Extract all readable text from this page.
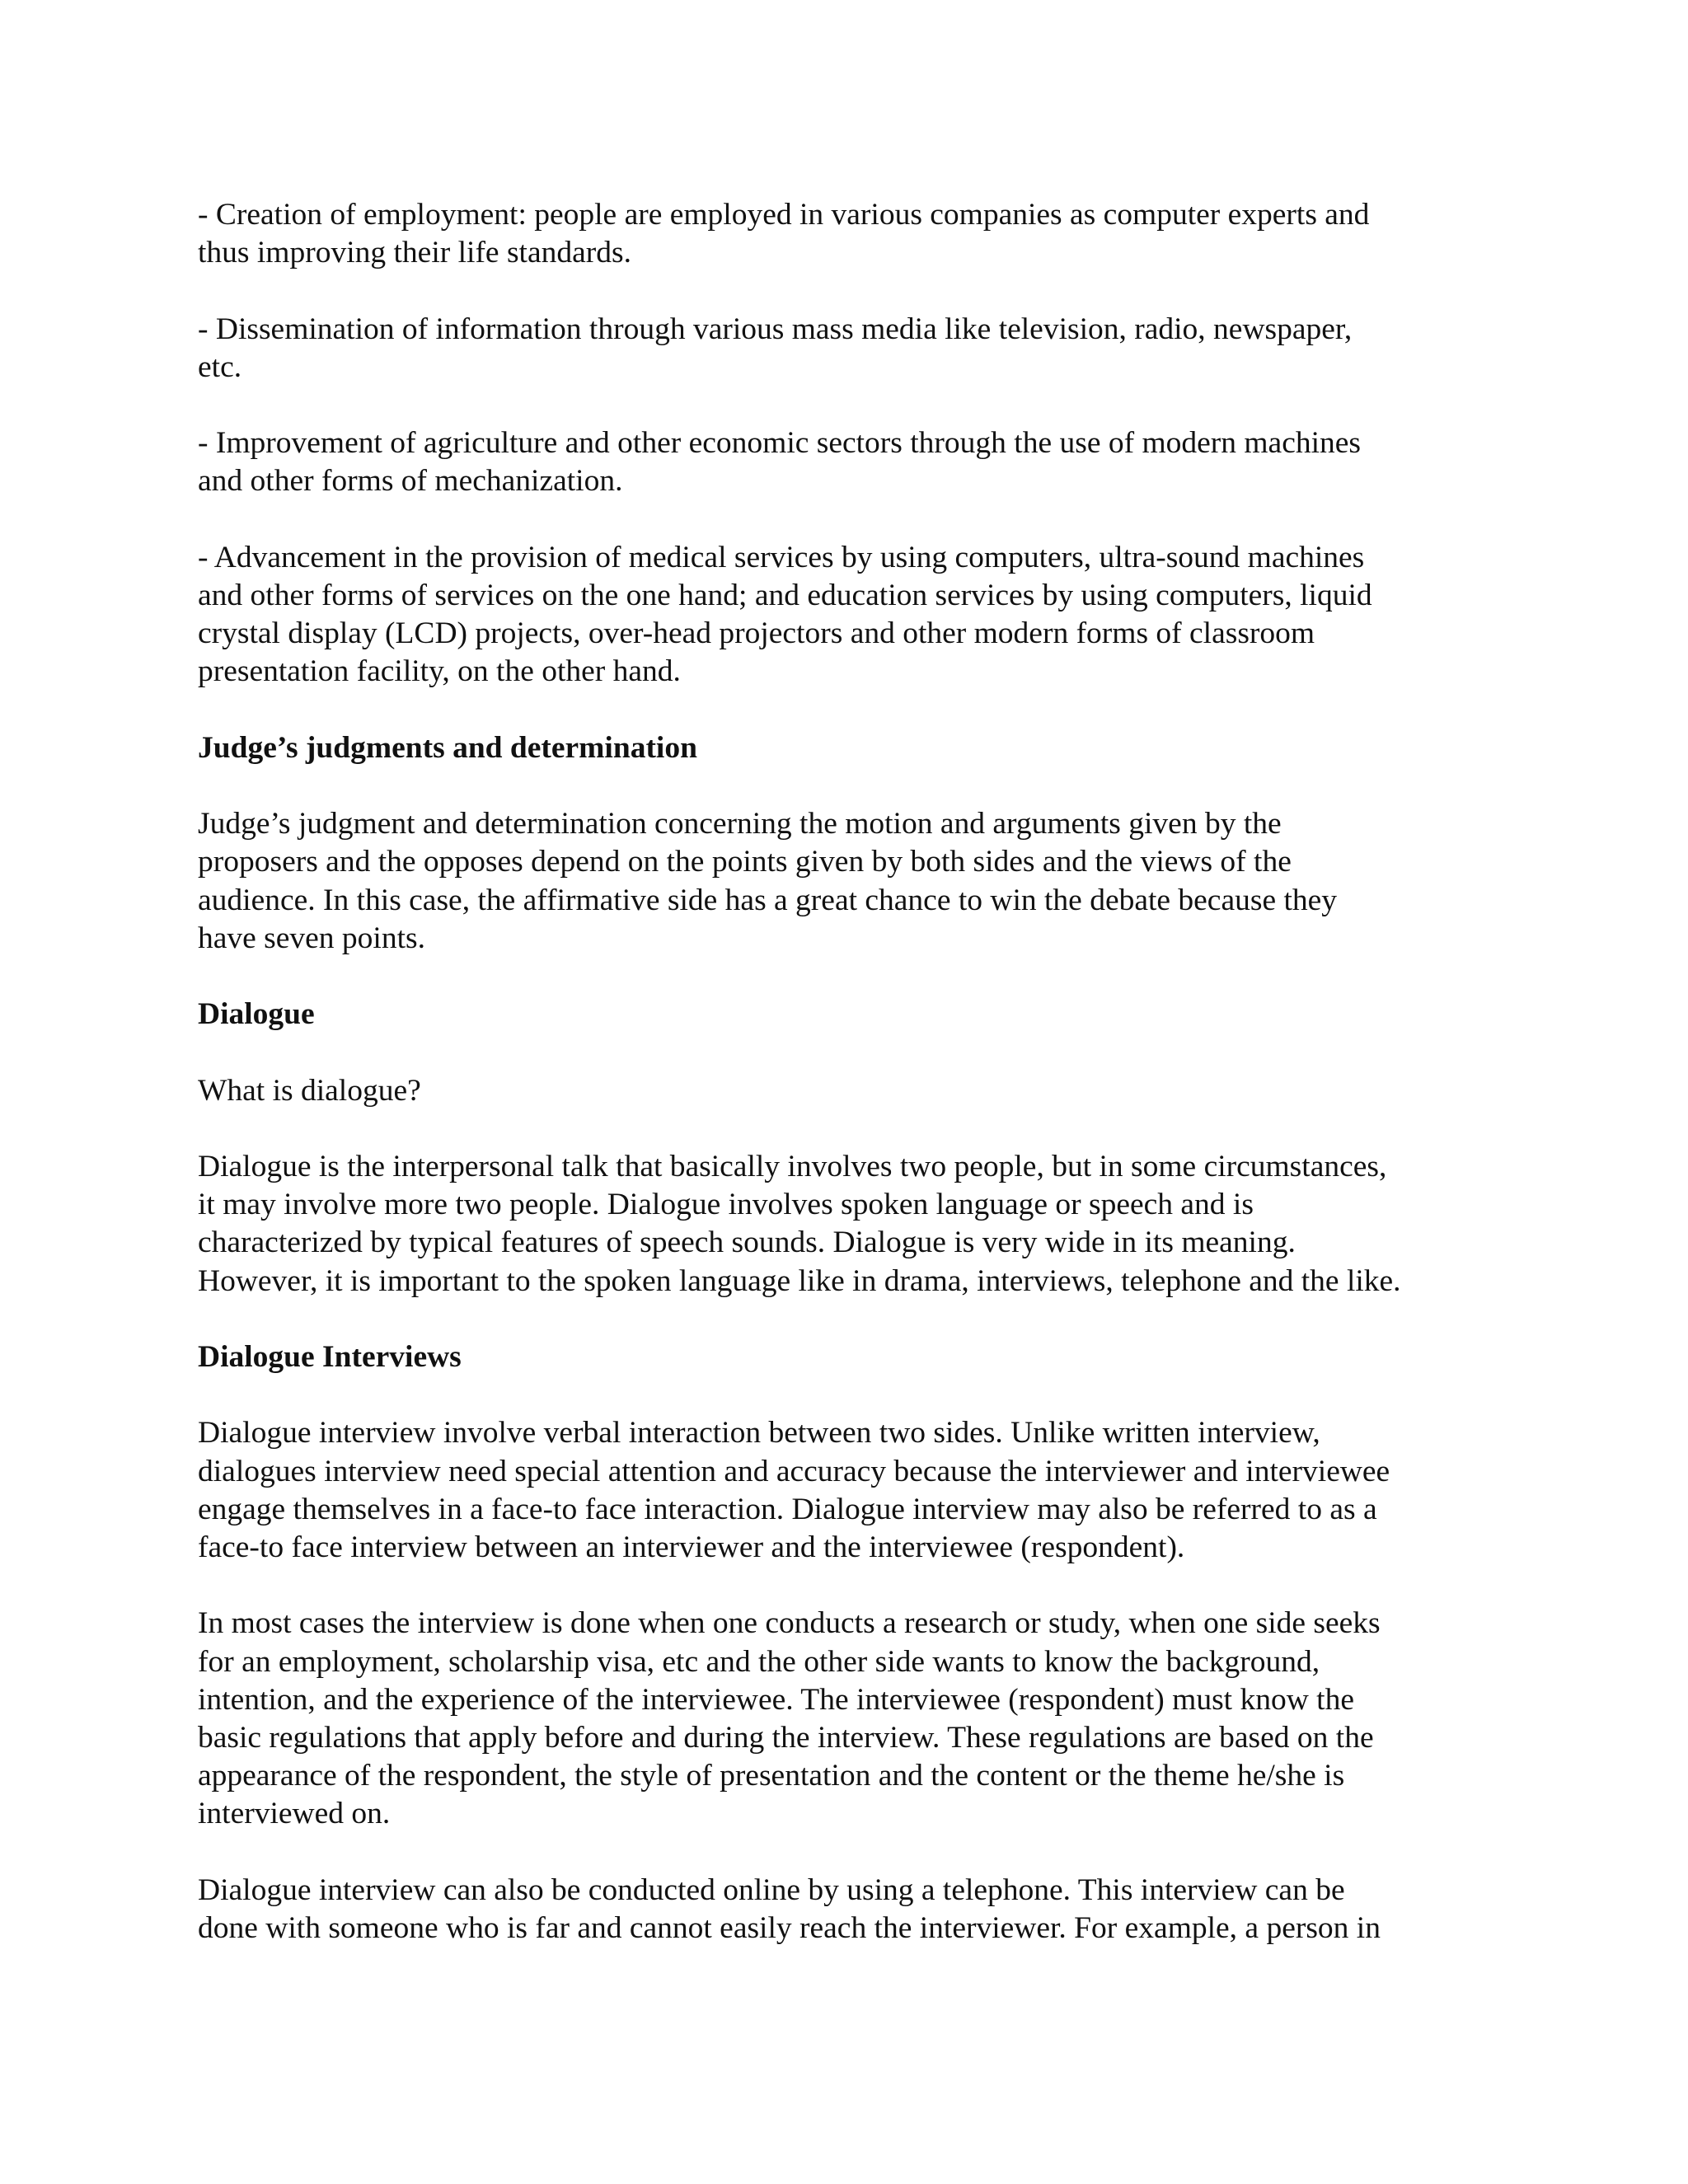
- Creation of employment: people are employed in various companies as computer experts and
thus improving their life standards.

- Dissemination of information through various mass media like television, radio, newspaper,
etc.

- Improvement of agriculture and other economic sectors through the use of modern machines
and other forms of mechanization.

- Advancement in the provision of medical services by using computers, ultra-sound machines
and other forms of services on the one hand; and education services by using computers, liquid
crystal display (LCD) projects, over-head projectors and other modern forms of classroom
presentation facility, on the other hand.

Judge’s judgments and determination

Judge’s judgment and determination concerning the motion and arguments given by the
proposers and the opposes depend on the points given by both sides and the views of the
audience. In this case, the affirmative side has a great chance to win the debate because they
have seven points.

Dialogue

What is dialogue?

Dialogue is the interpersonal talk that basically involves two people, but in some circumstances,
it may involve more two people. Dialogue involves spoken language or speech and is
characterized by typical features of speech sounds. Dialogue is very wide in its meaning.
However, it is important to the spoken language like in drama, interviews, telephone and the like.

Dialogue Interviews

Dialogue interview involve verbal interaction between two sides. Unlike written interview,
dialogues interview need special attention and accuracy because the interviewer and interviewee
engage themselves in a face-to face interaction. Dialogue interview may also be referred to as a
face-to face interview between an interviewer and the interviewee (respondent).

In most cases the interview is done when one conducts a research or study, when one side seeks
for an employment, scholarship visa, etc and the other side wants to know the background,
intention, and the experience of the interviewee. The interviewee (respondent) must know the
basic regulations that apply before and during the interview. These regulations are based on the
appearance of the respondent, the style of presentation and the content or the theme he/she is
interviewed on.

Dialogue interview can also be conducted online by using a telephone. This interview can be
done with someone who is far and cannot easily reach the interviewer. For example, a person in
